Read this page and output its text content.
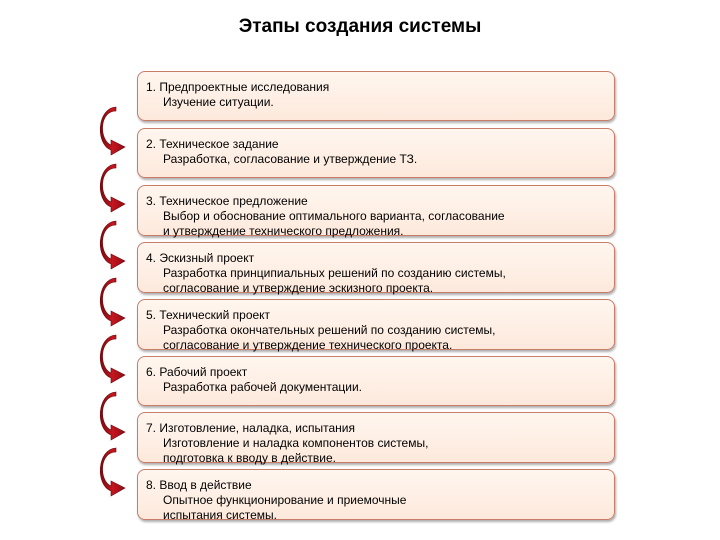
Этапы создания системы
1. Предпроектные исследования
Изучение ситуации.
2. Техническое задание
Разработка, согласование и утверждение ТЗ.
3. Техническое предложение
Выбор и обоснование оптимального варианта, согласование
и утверждение технического предложения.
4. Эскизный проект
Разработка принципиальных решений по созданию системы,
согласование и утверждение эскизного проекта.
5. Технический проект
Разработка окончательных решений по созданию системы,
согласование и утверждение технического проекта.
6. Рабочий проект
Разработка рабочей документации.
7. Изготовление, наладка, испытания
Изготовление и наладка компонентов системы,
подготовка к вводу в действие.
8. Ввод в действие
Опытное функционирование и приемочные
испытания системы.
